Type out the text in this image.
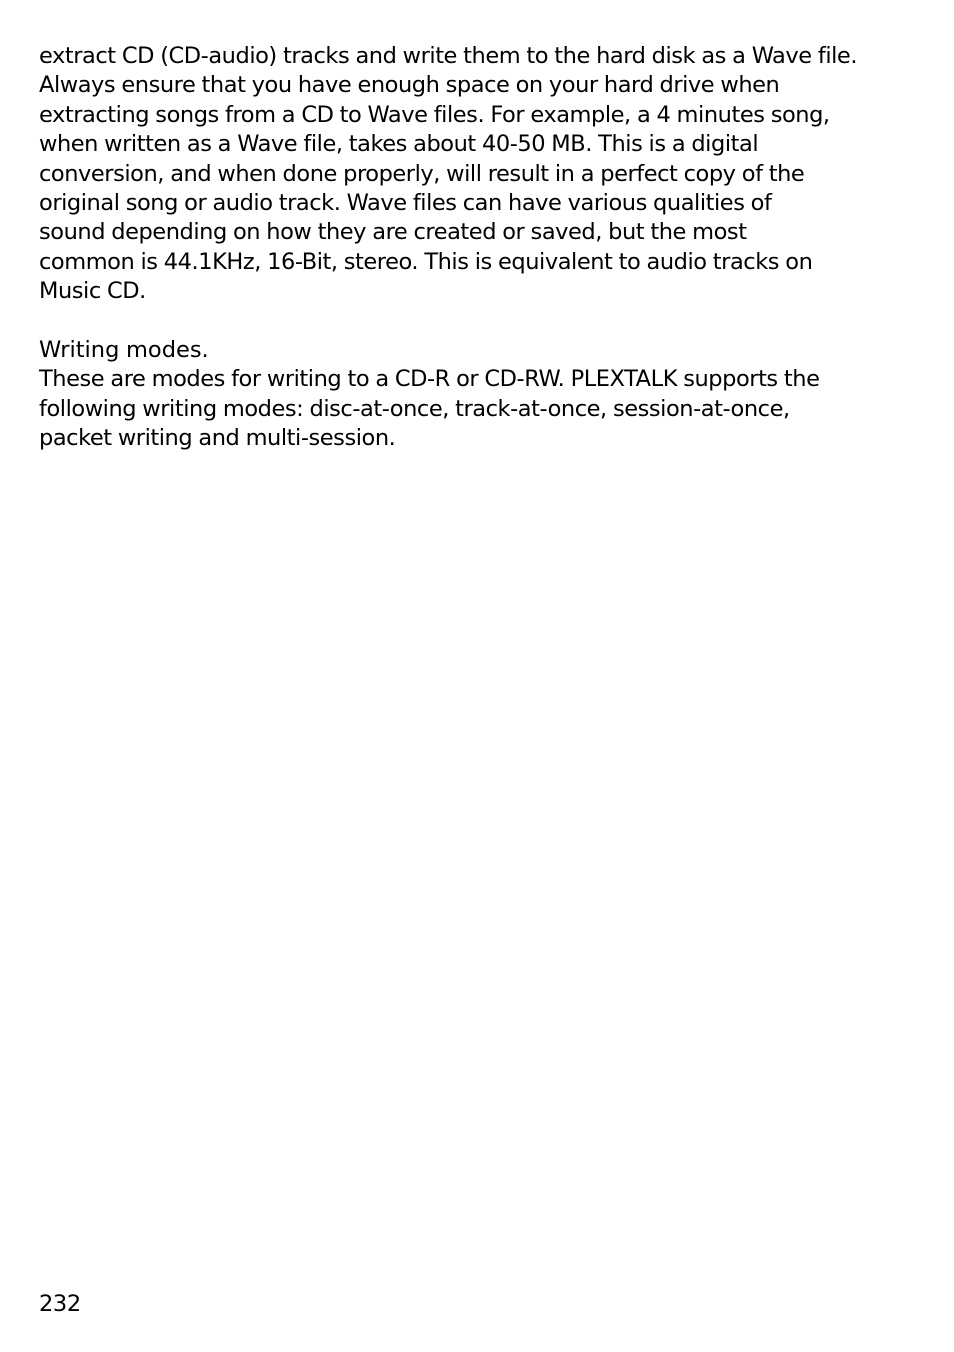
extract CD (CD-audio) tracks and write them to the hard disk as a Wave file.
Always ensure that you have enough space on your hard drive when
extracting songs from a CD to Wave files. For example, a 4 minutes song,
when written as a Wave file, takes about 40-50 MB. This is a digital
conversion, and when done properly, will result in a perfect copy of the
original song or audio track. Wave files can have various qualities of
sound depending on how they are created or saved, but the most
common is 44.1KHz, 16-Bit, stereo. This is equivalent to audio tracks on
Music CD.
Writing modes.
These are modes for writing to a CD-R or CD-RW. PLEXTALK supports the
following writing modes: disc-at-once, track-at-once, session-at-once,
packet writing and multi-session.
232
